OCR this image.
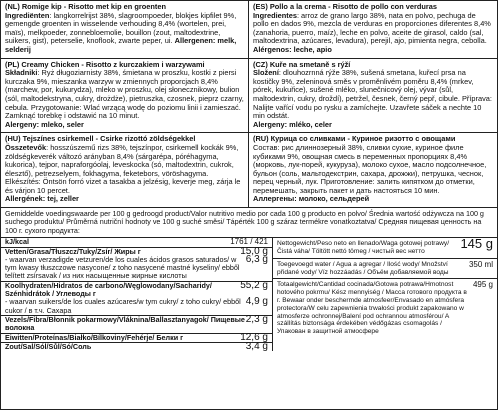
(NL) Romige kip - Risotto met kip en groenten
Ingrediënten: langkorrelrijst 38%, slagroompoeder, blokjes kipfilet 9%, gemengde groenten in wisselende verhouding 8,4% (wortelen, prei, maïs), melkpoeder, zonnebloemolie, bouillon (zout, maltodextrine, suikers, gist), peterselie, knoflook, zwarte peper, ui. Allergenen: melk, selderij
(ES) Pollo a la crema - Risotto de pollo con verduras
Ingredientes: arroz de grano largo 38%, nata en polvo, pechuga de pollo en dados 9%, mezcla de verduras en proporciones diferentes 8,4% (zanahoria, puerro, maíz), leche en polvo, aceite de girasol, caldo (sal, maltodextrina, azúcares, levadura), perejil, ajo, pimienta negra, cebolla. Alérgenos: leche, apio
(PL) Creamy Chicken - Risotto z kurczakiem i warzywami
Składniki: Ryż długoziarnisty 38%, śmietana w proszku, kostki z piersi kurczaka 9%, mieszanka warzyw w zmiennych proporcjach 8,4% (marchew, por, kukurydza), mleko w proszku, olej słonecznikowy, bulion (sól, maltodekstryna, cukry, drożdże), pietruszka, czosnek, pieprz czarny, cebula. Przygotowanie: Wlać wrzącą wodę do poziomu linii i zamieszać. Zamknąć torebkę i odstawić na 10 minut.
Alergeny: mleko, seler
(CZ) Kuře na smetaně s rýží
Složení: dlouhozrnná rýže 38%, sušená smetana, kuřecí prsa na kostičky 9%, zeleninová směs v proměnlivém poměru 8,4% (mrkev, pórek, kukuřice), sušené mléko, slunečnicový olej, vývar (sůl, maltodextrin, cukry, droždí), petržel, česnek, černý pepř, cibule. Příprava: Nalijte vařící vodu po rysku a zamíchejte. Uzavřete sáček a nechte 10 min odstát.
Alergeny: mléko, celer
(HU) Tejszínes csirkemell - Csirke rizottó zöldségekkel
Összetevők: hosszúszemű rizs 38%, tejszínpor, csirkemell kockák 9%, zöldségkeverék változó arányban 8,4% (sárgarépa, póréhagyma, kukorica), tejpor, napraforgóolaj, leveskocka (só, maltodextrin, cukrok, élesztő), petrezselyem, fokhagyma, feketebors, vöröshagyma. Elkészítés: Öntsön forró vizet a tasakba a jelzésig, keverje meg, zárja le és várjon 10 percet.
Allergének: tej, zeller
(RU) Курица со сливками - Куриное ризотто с овощами
Состав: рис длиннозерный 38%, сливки сухие, куриное филе кубиками 9%, овощная смесь в переменных пропорциях 8,4% (морковь, лук-порей, кукуруза), молоко сухое, масло подсолнечное, бульон (соль, мальтодекстрин, сахара, дрожжи), петрушка, чеснок, перец черный, лук. Приготовление: залить кипятком до отметки, перемешать, закрыть пакет и дать настояться 10 мин.
Аллергены: молоко, сельдерей
Gemiddelde voedingswaarde per 100 g gedroogd product/Valor nutritivo medio por cada 100 g producto en polvo/ Średnia wartość odżywcza na 100 g suchego produktu/ Průměrná nutriční hodnoty ve 100 g suché směsi/ Tápérték 100 g száraz termékre vonatkoztatva/ Средняя пищевая ценность на 100 г. сухого продукта:
kJ/kcal	1761 / 421
Vetten/Grasa/Tłuszcz/Tuky/Zsír/ Жиры г	15,0 g
- waarvan verzadigde vetzuren/de los cuales ácidos grasos saturados/ w tym kwasy tłuszczowe nasycone/ z toho nasycené mastné kyseliny/ ebből telített zsírsavak / из них насыщенные жирные кислоты
6,3 g
Koolhydraten/Hidratos de carbono/Węglowodany/Sacharidy/ Szénhidrátok / Углеводы г
55,2 g
- waarvan suikers/de los cuales azúcares/w tym cukry/ z toho cukry/ ebből cukor / в т.ч. Caxapa
4,9 g
Vezels/Fibra/Błonnik pokarmowy/Vláknina/Ballasztanyagok/ Пищевые волокна
2,3 g
Eiwitten/Proteínas/Białko/Bílkoviny/Fehérje/ Белки г	12,6 g
Zout/Sal/Sól/Sůl/Só/Соль	3,4 g
Nettogewicht/Peso neto en llenado/Waga gotowej potrawy/Čistá váha/ Töltött nettó tömeg / чистый вес нетто
145 g
Toegevoegd water / Agua a agregar / Ilość wody/ Množství přidané vody/ Víz hozzáadás / Объём добавляемой воды
350 ml
Totaalgewicht/Cantidad cocinada/Gotowa potrawa/Hmotnost hotového pokrmu/ Kész mennyiség / Масса готового продукта в г. Bewaar onder beschermde atmosfeer/Envasado en atmósfera protectora/W celu zapewnienia trwałości produkt zapakowano w atmosferze ochronnej/Balení pod ochrannou atmosférou/ A szállítás biztonsága érdekében védőgázas csomagolás / Упакован в защитной атмосфере
495 g
